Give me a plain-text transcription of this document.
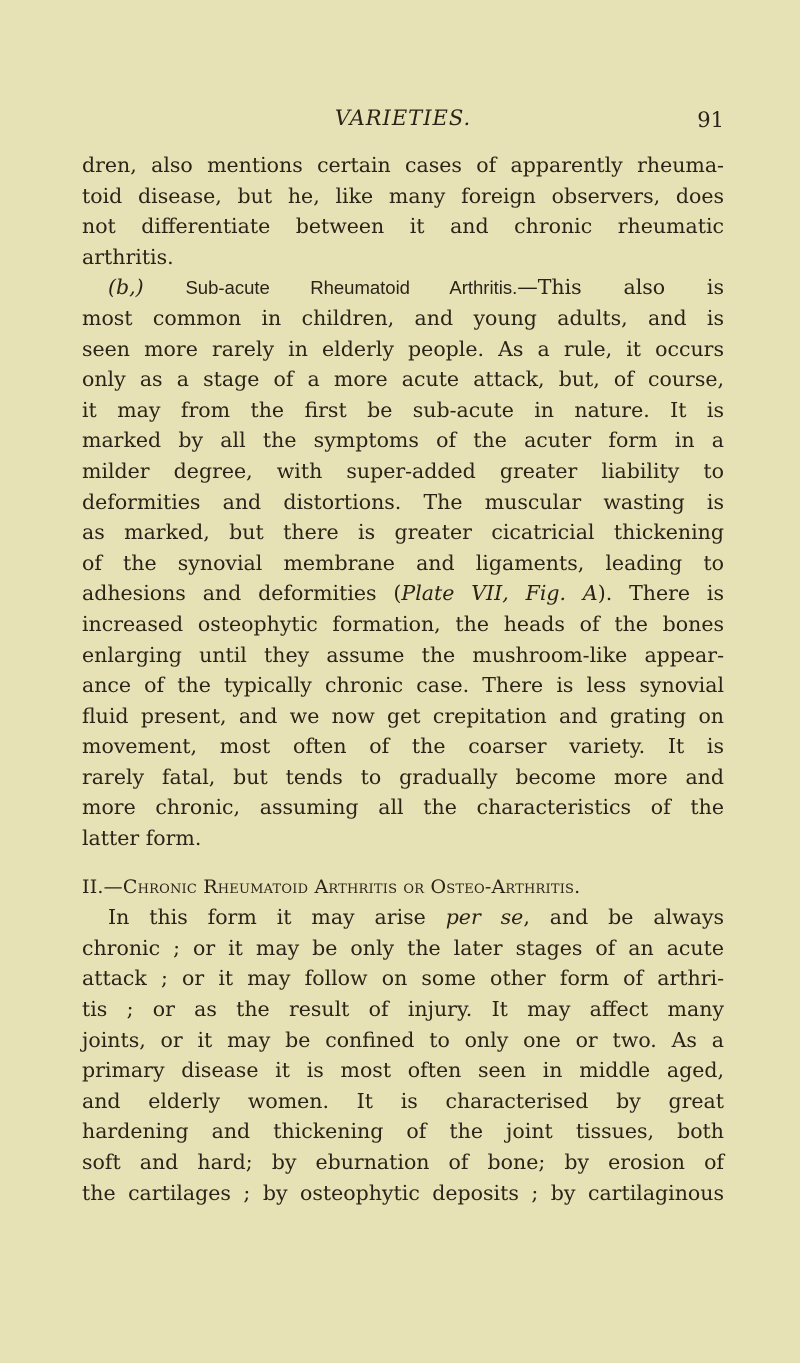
VARIETIES.	91
dren, also mentions certain cases of apparently rheuma-
toid disease, but he, like many foreign observers, does
not differentiate between it and chronic rheumatic
arthritis.
(b,) Sub-acute Rheumatoid Arthritis.—This also is
most common in children, and young adults, and is
seen more rarely in elderly people. As a rule, it occurs
only as a stage of a more acute attack, but, of course,
it may from the first be sub-acute in nature. It is
marked by all the symptoms of the acuter form in a
milder degree, with super-added greater liability to
deformities and distortions. The muscular wasting is
as marked, but there is greater cicatricial thickening
of the synovial membrane and ligaments, leading to
adhesions and deformities (Plate VII, Fig. A). There is
increased osteophytic formation, the heads of the bones
enlarging until they assume the mushroom-like appear-
ance of the typically chronic case. There is less synovial
fluid present, and we now get crepitation and grating on
movement, most often of the coarser variety. It is
rarely fatal, but tends to gradually become more and
more chronic, assuming all the characteristics of the
latter form.
II.—Chronic Rheumatoid Arthritis or Osteo-Arthritis.
In this form it may arise per se, and be always
chronic ; or it may be only the later stages of an acute
attack ; or it may follow on some other form of arthri-
tis ; or as the result of injury. It may affect many
joints, or it may be confined to only one or two. As a
primary disease it is most often seen in middle aged,
and elderly women. It is characterised by great
hardening and thickening of the joint tissues, both
soft and hard; by eburnation of bone; by erosion of
the cartilages ; by osteophytic deposits ; by cartilaginous
